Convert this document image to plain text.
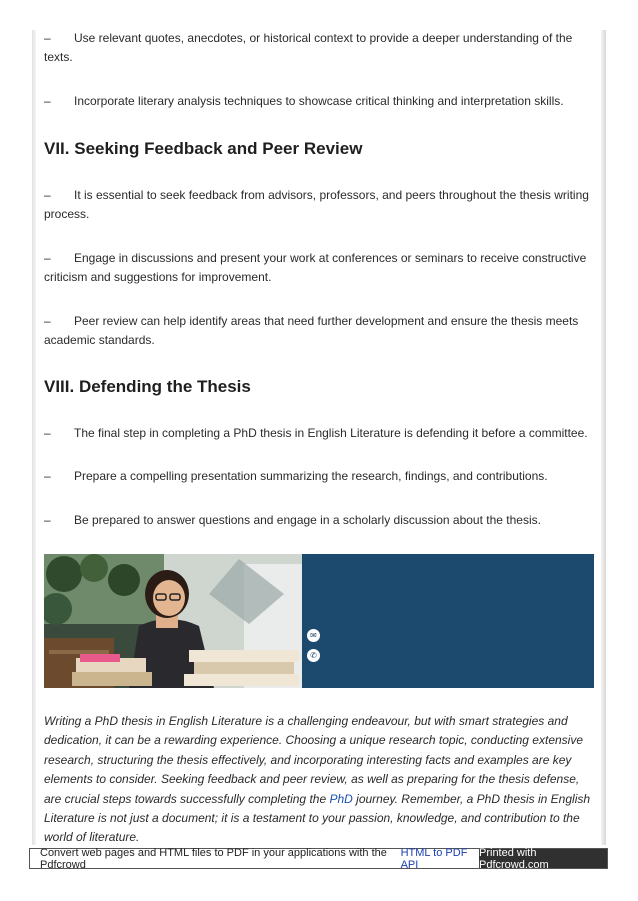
– Use relevant quotes, anecdotes, or historical context to provide a deeper understanding of the texts.

– Incorporate literary analysis techniques to showcase critical thinking and interpretation skills.

VII. Seeking Feedback and Peer Review

– It is essential to seek feedback from advisors, professors, and peers throughout the thesis writing process.

– Engage in discussions and present your work at conferences or seminars to receive constructive criticism and suggestions for improvement.

– Peer review can help identify areas that need further development and ensure the thesis meets academic standards.

VIII. Defending the Thesis

– The final step in completing a PhD thesis in English Literature is defending it before a committee.

– Prepare a compelling presentation summarizing the research, findings, and contributions.

– Be prepared to answer questions and engage in a scholarly discussion about the thesis.

✉
✆

Writing a PhD thesis in English Literature is a challenging endeavour, but with smart strategies and dedication, it can be a rewarding experience. Choosing a unique research topic, conducting extensive research, structuring the thesis effectively, and incorporating interesting facts and examples are key elements to consider. Seeking feedback and peer review, as well as preparing for the thesis defense, are crucial steps towards successfully completing the PhD journey. Remember, a PhD thesis in English Literature is not just a document; it is a testament to your passion, knowledge, and contribution to the world of literature.

Convert web pages and HTML files to PDF in your applications with the Pdfcrowd
HTML to PDF API
Printed with Pdfcrowd.com
